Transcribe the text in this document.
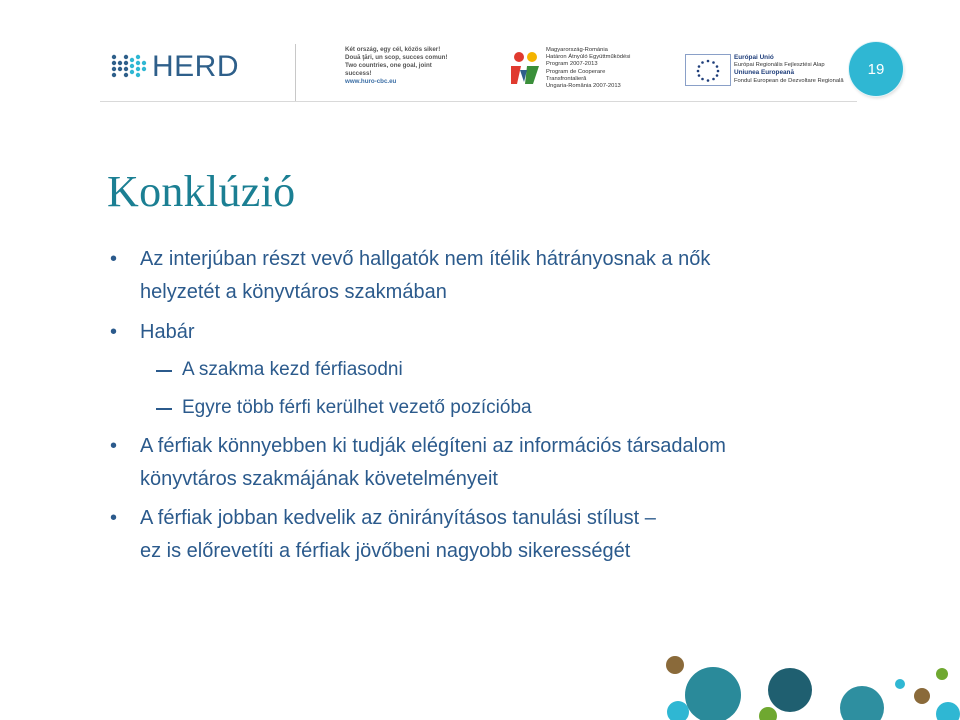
HERD
Két ország, egy cél, közös siker!
Două ţări, un scop, succes comun!
Two countries, one goal, joint success!
www.huro-cbc.eu
Magyarország-Románia
Határon Átnyúló Együttműködési
Program 2007-2013
Program de Cooperare
Transfrontalieră
Ungaria-România 2007-2013
Európai Unió
Európai Regionális Fejlesztési Alap
Uniunea Europeană
Fondul European de Dezvoltare Regională
19
Konklúzió
•	Az interjúban részt vevő hallgatók nem ítélik hátrányosnak a nők
helyzetét a könyvtáros szakmában
•	Habár
A szakma kezd férfiasodni
Egyre több férfi kerülhet vezető pozícióba
•	A férfiak könnyebben ki tudják elégíteni az információs társadalom
könyvtáros szakmájának követelményeit
•	A férfiak jobban kedvelik az önirányításos tanulási stílust –
ez is előrevetíti a férfiak jövőbeni nagyobb sikerességét
